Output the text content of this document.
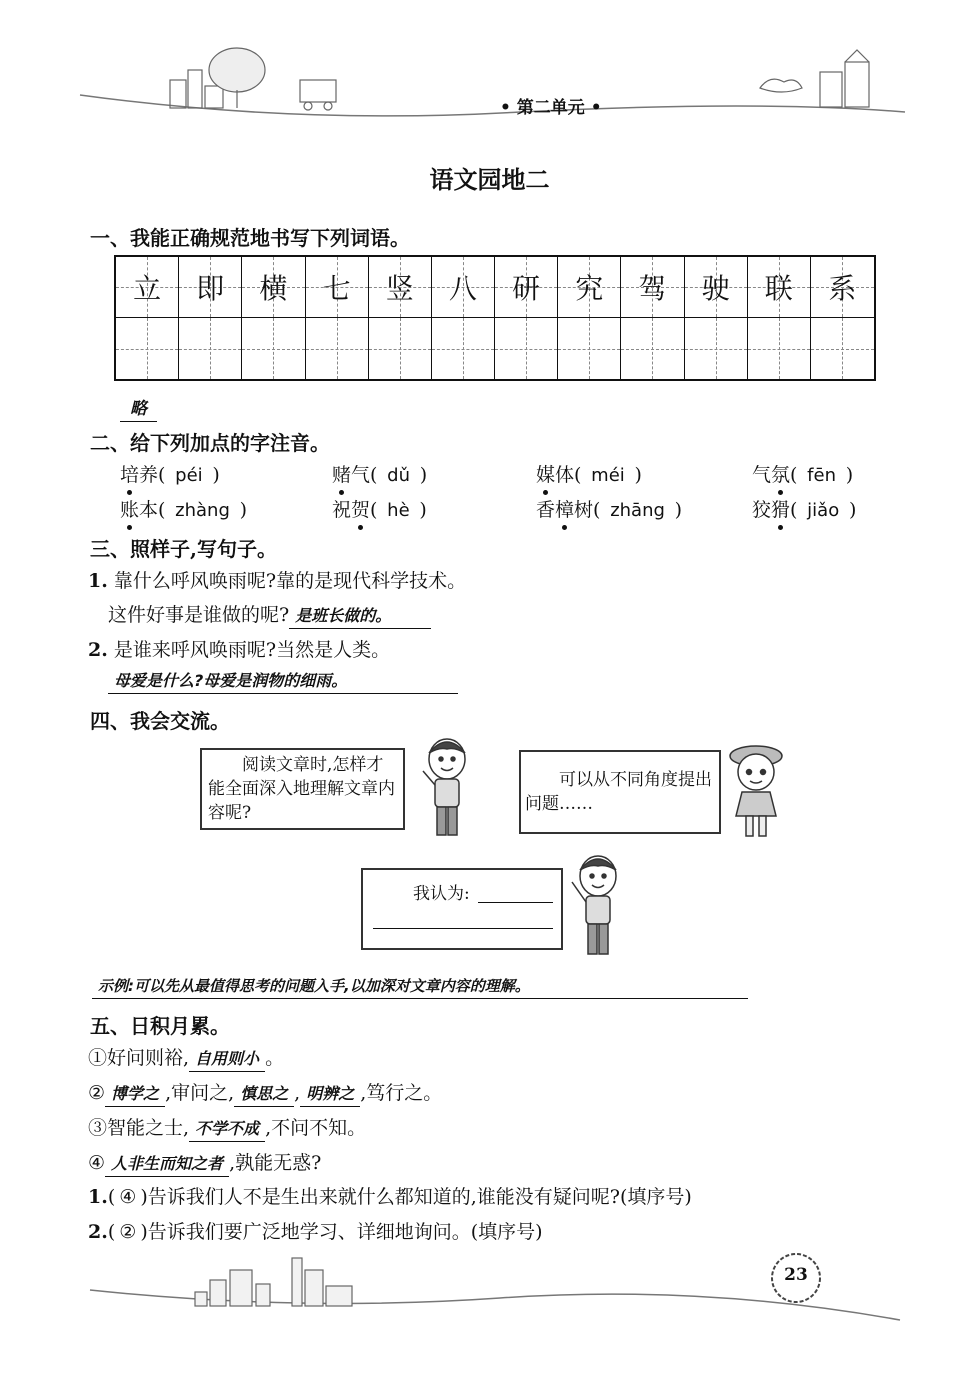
• 第二单元 •
语文园地二
一、我能正确规范地书写下列词语。
立 即 横 七 竖 八 研 究 驾 驶 联 系
略
二、给下列加点的字注音。
培养( péi )	赌气( dǔ )	媒体( méi )	气氛( fēn )
账本( zhàng )	祝贺( hè )	香樟树( zhāng )	狡猾( jiǎo )
三、照样子,写句子。
1. 靠什么呼风唤雨呢?靠的是现代科学技术。
这件好事是谁做的呢? 是班长做的。
2. 是谁来呼风唤雨呢?当然是人类。
母爱是什么?母爱是润物的细雨。
四、我会交流。
阅读文章时,怎样才能全面深入地理解文章内容呢?
可以从不同角度提出问题……
我认为:
示例:可以先从最值得思考的问题入手,以加深对文章内容的理解。
五、日积月累。
①好问则裕, 自用则小 。
② 博学之 ,审问之, 慎思之 , 明辨之 ,笃行之。
③智能之士, 不学不成 ,不问不知。
④ 人非生而知之者 ,孰能无惑?
1.( ④ )告诉我们人不是生出来就什么都知道的,谁能没有疑问呢?(填序号)
2.( ② )告诉我们要广泛地学习、详细地询问。(填序号)
23
